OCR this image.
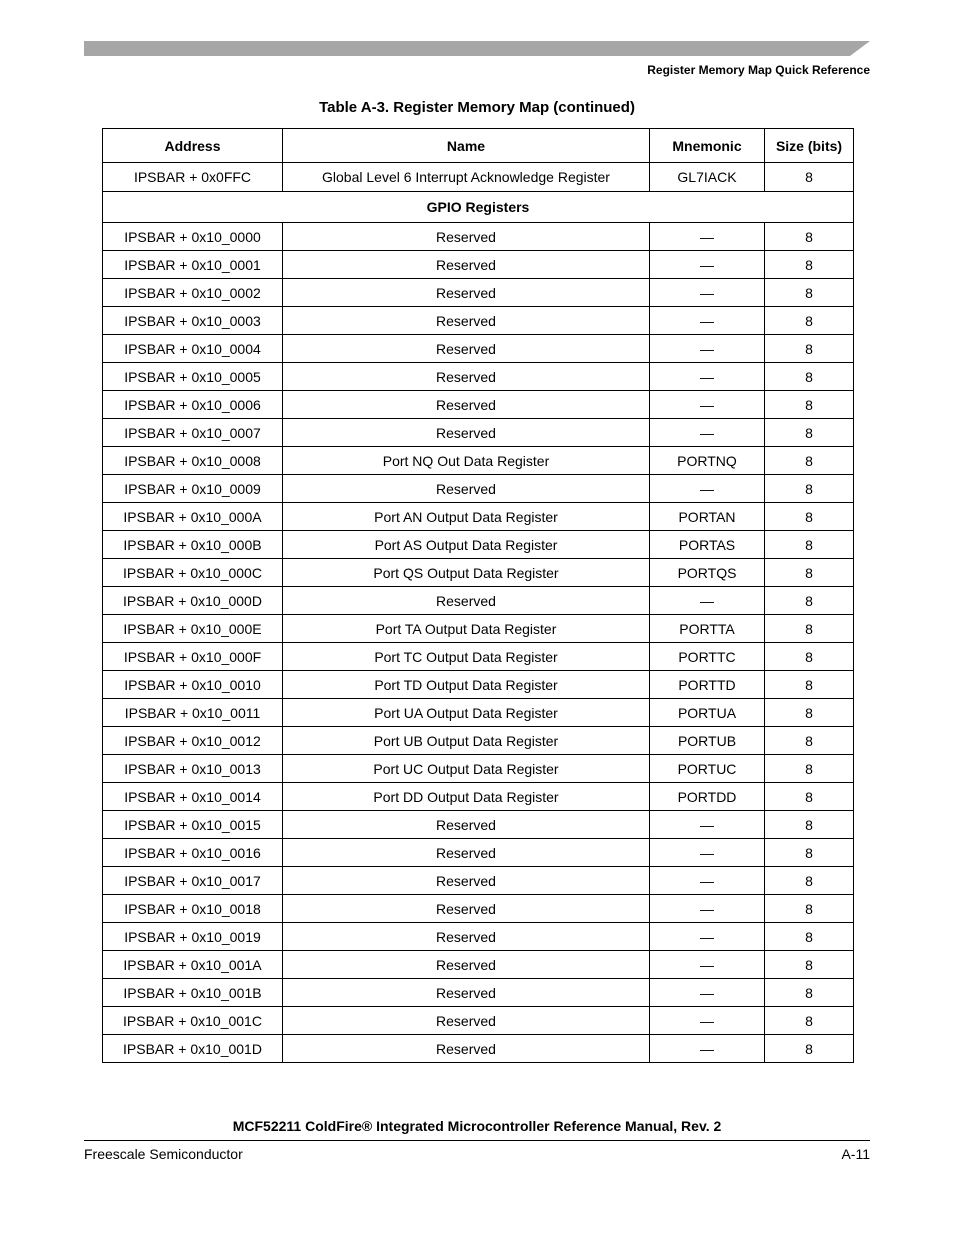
Register Memory Map Quick Reference
Table A-3. Register Memory Map (continued)
Address	Name	Mnemonic	Size (bits)
IPSBAR + 0x0FFC	Global Level 6 Interrupt Acknowledge Register	GL7IACK	8
GPIO Registers			
IPSBAR + 0x10_0000	Reserved	—	8
IPSBAR + 0x10_0001	Reserved	—	8
IPSBAR + 0x10_0002	Reserved	—	8
IPSBAR + 0x10_0003	Reserved	—	8
IPSBAR + 0x10_0004	Reserved	—	8
IPSBAR + 0x10_0005	Reserved	—	8
IPSBAR + 0x10_0006	Reserved	—	8
IPSBAR + 0x10_0007	Reserved	—	8
IPSBAR + 0x10_0008	Port NQ Out Data Register	PORTNQ	8
IPSBAR + 0x10_0009	Reserved	—	8
IPSBAR + 0x10_000A	Port AN Output Data Register	PORTAN	8
IPSBAR + 0x10_000B	Port AS Output Data Register	PORTAS	8
IPSBAR + 0x10_000C	Port QS Output Data Register	PORTQS	8
IPSBAR + 0x10_000D	Reserved	—	8
IPSBAR + 0x10_000E	Port TA Output Data Register	PORTTA	8
IPSBAR + 0x10_000F	Port TC Output Data Register	PORTTC	8
IPSBAR + 0x10_0010	Port TD Output Data Register	PORTTD	8
IPSBAR + 0x10_0011	Port UA Output Data Register	PORTUA	8
IPSBAR + 0x10_0012	Port UB Output Data Register	PORTUB	8
IPSBAR + 0x10_0013	Port UC Output Data Register	PORTUC	8
IPSBAR + 0x10_0014	Port DD Output Data Register	PORTDD	8
IPSBAR + 0x10_0015	Reserved	—	8
IPSBAR + 0x10_0016	Reserved	—	8
IPSBAR + 0x10_0017	Reserved	—	8
IPSBAR + 0x10_0018	Reserved	—	8
IPSBAR + 0x10_0019	Reserved	—	8
IPSBAR + 0x10_001A	Reserved	—	8
IPSBAR + 0x10_001B	Reserved	—	8
IPSBAR + 0x10_001C	Reserved	—	8
IPSBAR + 0x10_001D	Reserved	—	8
MCF52211 ColdFire® Integrated Microcontroller Reference Manual, Rev. 2
Freescale Semiconductor	A-11
